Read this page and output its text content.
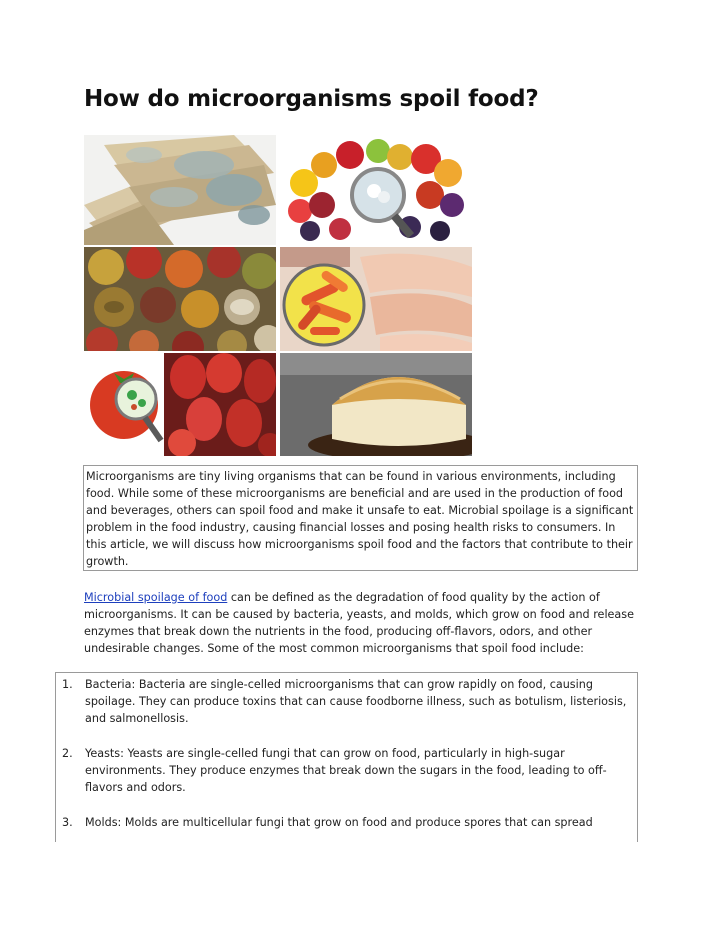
How do microorganisms spoil food?

Microorganisms are tiny living organisms that can be found in various environments, including food. While some of these microorganisms are beneficial and are used in the production of food and beverages, others can spoil food and make it unsafe to eat. Microbial spoilage is a significant problem in the food industry, causing financial losses and posing health risks to consumers. In this article, we will discuss how microorganisms spoil food and the factors that contribute to their growth.

Microbial spoilage of food can be defined as the degradation of food quality by the action of microorganisms. It can be caused by bacteria, yeasts, and molds, which grow on food and release enzymes that break down the nutrients in the food, producing off-flavors, odors, and other undesirable changes. Some of the most common microorganisms that spoil food include:

1. Bacteria: Bacteria are single-celled microorganisms that can grow rapidly on food, causing spoilage. They can produce toxins that can cause foodborne illness, such as botulism, listeriosis, and salmonellosis.
2. Yeasts: Yeasts are single-celled fungi that can grow on food, particularly in high-sugar environments. They produce enzymes that break down the sugars in the food, leading to off-flavors and odors.
3. Molds: Molds are multicellular fungi that grow on food and produce spores that can spread
